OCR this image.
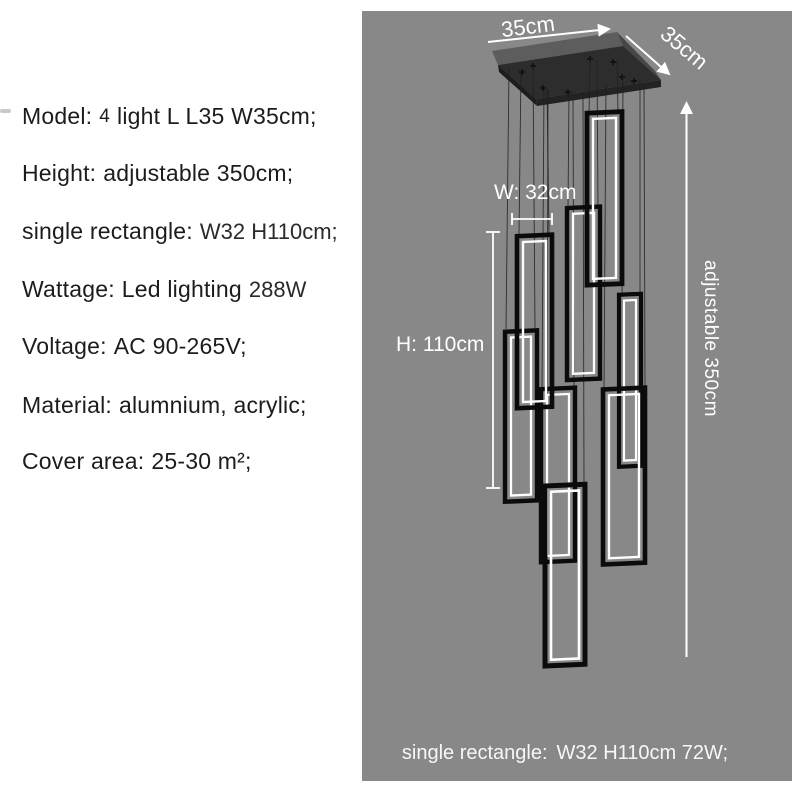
Model: 4 light L L35 W35cm;
Height: adjustable 350cm;
single rectangle: W32 H110cm;
Wattage: Led lighting 288W
Voltage: AC 90-265V;
Material: alumnium, acrylic;
Cover area: 25-30 m²;
35cm	35cm
W: 32cm
H: 110cm	adjustable 350cm
single rectangle: W32 H110cm 72W;
